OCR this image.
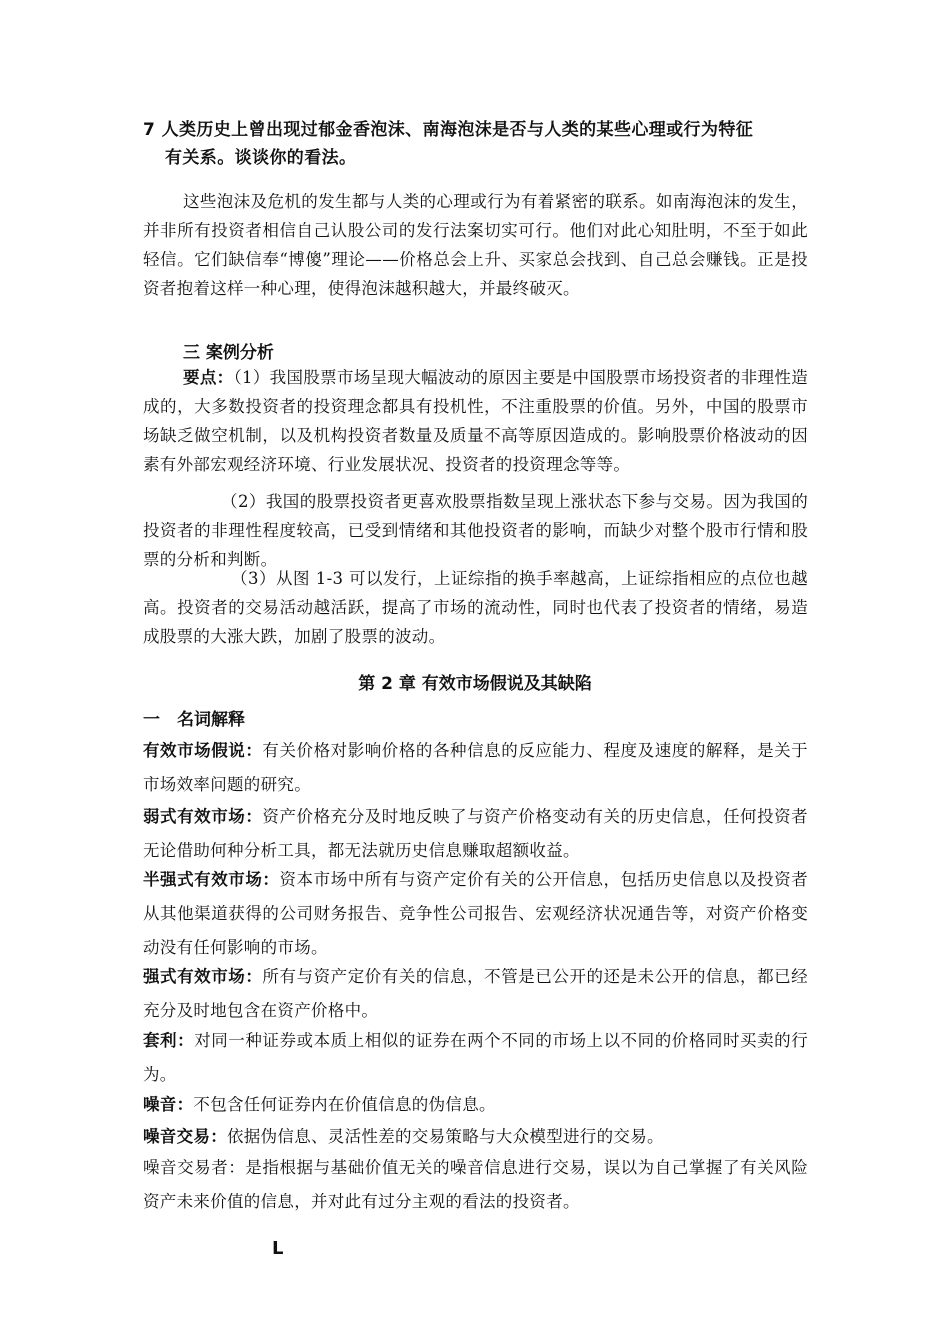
7 人类历史上曾出现过郁金香泡沫、南海泡沫是否与人类的某些心理或行为特征
有关系。谈谈你的看法。
这些泡沫及危机的发生都与人类的心理或行为有着紧密的联系。如南海泡沫的发生，并非所有投资者相信自己认股公司的发行法案切实可行。他们对此心知肚明，不至于如此轻信。它们缺信奉“博傻”理论——价格总会上升、买家总会找到、自己总会赚钱。正是投资者抱着这样一种心理，使得泡沫越积越大，并最终破灭。
三 案例分析
要点：（1）我国股票市场呈现大幅波动的原因主要是中国股票市场投资者的非理性造成的，大多数投资者的投资理念都具有投机性，不注重股票的价值。另外，中国的股票市场缺乏做空机制，以及机构投资者数量及质量不高等原因造成的。影响股票价格波动的因素有外部宏观经济环境、行业发展状况、投资者的投资理念等等。
（2）我国的股票投资者更喜欢股票指数呈现上涨状态下参与交易。因为我国的投资者的非理性程度较高，已受到情绪和其他投资者的影响，而缺少对整个股市行情和股票的分析和判断。
（3）从图 1-3 可以发行，上证综指的换手率越高，上证综指相应的点位也越高。投资者的交易活动越活跃，提高了市场的流动性，同时也代表了投资者的情绪，易造成股票的大涨大跌，加剧了股票的波动。
第 2 章 有效市场假说及其缺陷
一　名词解释
有效市场假说：有关价格对影响价格的各种信息的反应能力、程度及速度的解释，是关于市场效率问题的研究。
弱式有效市场：资产价格充分及时地反映了与资产价格变动有关的历史信息，任何投资者无论借助何种分析工具，都无法就历史信息赚取超额收益。
半强式有效市场：资本市场中所有与资产定价有关的公开信息，包括历史信息以及投资者从其他渠道获得的公司财务报告、竞争性公司报告、宏观经济状况通告等，对资产价格变动没有任何影响的市场。
强式有效市场：所有与资产定价有关的信息，不管是已公开的还是未公开的信息，都已经充分及时地包含在资产价格中。
套利：对同一种证券或本质上相似的证券在两个不同的市场上以不同的价格同时买卖的行为。
噪音：不包含任何证券内在价值信息的伪信息。
噪音交易：依据伪信息、灵活性差的交易策略与大众模型进行的交易。
噪音交易者：是指根据与基础价值无关的噪音信息进行交易，误以为自己掌握了有关风险资产未来价值的信息，并对此有过分主观的看法的投资者。
L
